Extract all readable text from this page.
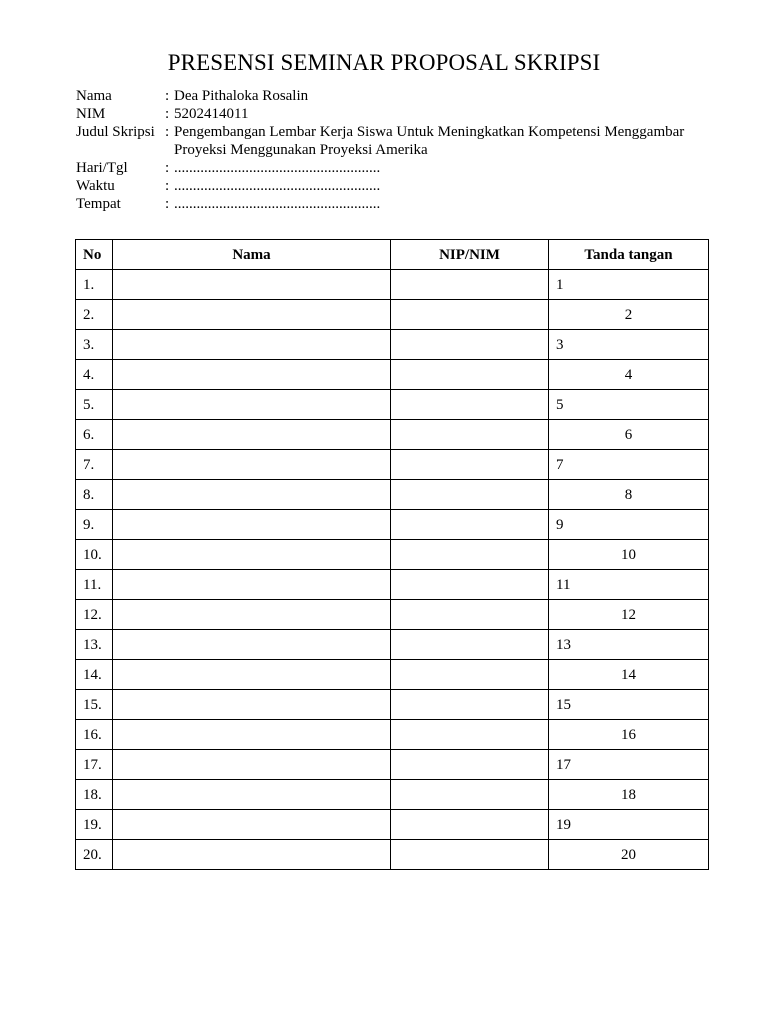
PRESENSI SEMINAR PROPOSAL SKRIPSI
Nama	: Dea Pithaloka Rosalin
NIM	: 5202414011
Judul Skripsi : Pengembangan Lembar Kerja Siswa Untuk Meningkatkan Kompetensi Menggambar
Proyeksi Menggunakan Proyeksi Amerika
Hari/Tgl	: .......................................................
Waktu	: .......................................................
Tempat	: .......................................................
No	Nama	NIP/NIM	Tanda tangan
1.			1
2.			2
3.			3
4.			4
5.			5
6.			6
7.			7
8.			8
9.			9
10.			10
11.			11
12.			12
13.			13
14.			14
15.			15
16.			16
17.			17
18.			18
19.			19
20.			20
